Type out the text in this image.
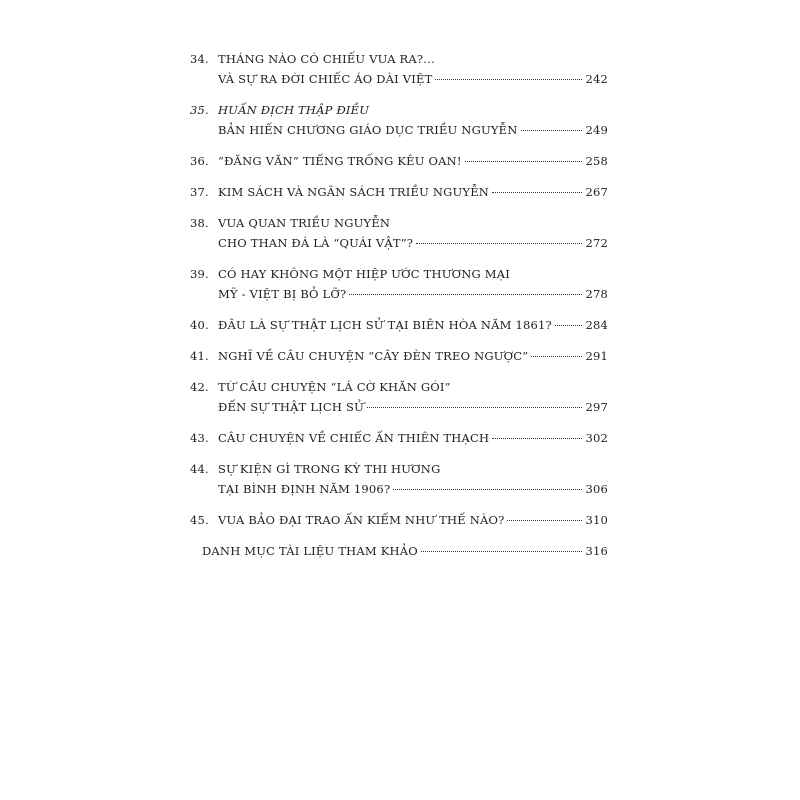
34. THÁNG NÀO CÓ CHIẾU VUA RA?...
VÀ SỰ RA ĐỜI CHIẾC ÁO DÀI VIỆT	242
35. HUẤN ĐỊCH THẬP ĐIỀU
BẢN HIẾN CHƯƠNG GIÁO DỤC TRIỀU NGUYỄN	249
36. “ĐĂNG VĂN” TIẾNG TRỐNG KÊU OAN!	258
37. KIM SÁCH VÀ NGÂN SÁCH TRIỀU NGUYỄN	267
38. VUA QUAN TRIỀU NGUYỄN
CHO THAN ĐÁ LÀ “QUÁI VẬT”?	272
39. CÓ HAY KHÔNG MỘT HIỆP ƯỚC THƯƠNG MẠI
MỸ - VIỆT BỊ BỎ LỠ?	278
40. ĐÂU LÀ SỰ THẬT LỊCH SỬ TẠI BIÊN HÒA NĂM 1861?	284
41. NGHĨ VỀ CÂU CHUYỆN “CÂY ĐÈN TREO NGƯỢC”	291
42. TỪ CÂU CHUYỆN “LÁ CỜ KHĂN GÓI”
ĐẾN SỰ THẬT LỊCH SỬ	297
43. CÂU CHUYỆN VỀ CHIẾC ẤN THIÊN THẠCH	302
44. SỰ KIỆN GÌ TRONG KỲ THI HƯƠNG
TẠI BÌNH ĐỊNH NĂM 1906?	306
45. VUA BẢO ĐẠI TRAO ẤN KIẾM NHƯ THẾ NÀO?	310
DANH MỤC TÀI LIỆU THAM KHẢO	316
